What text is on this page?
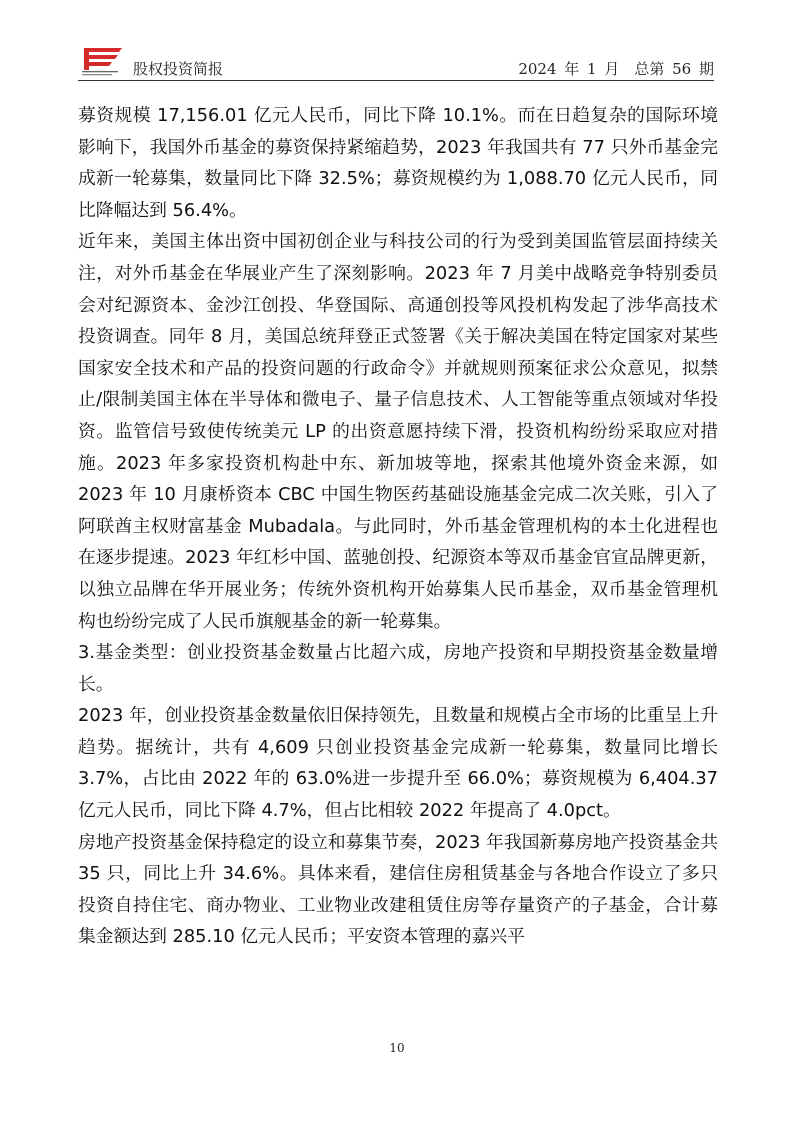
股权投资简报	2024 年 1 月　总第 56 期

募资规模 17,156.01 亿元人民币，同比下降 10.1%。而在日趋复杂的国际环境影响下，我国外币基金的募资保持紧缩趋势，2023 年我国共有 77 只外币基金完成新一轮募集，数量同比下降 32.5%；募资规模约为 1,088.70 亿元人民币，同比降幅达到 56.4%。

近年来，美国主体出资中国初创企业与科技公司的行为受到美国监管层面持续关注，对外币基金在华展业产生了深刻影响。2023 年 7 月美中战略竞争特别委员会对纪源资本、金沙江创投、华登国际、高通创投等风投机构发起了涉华高技术投资调查。同年 8 月，美国总统拜登正式签署《关于解决美国在特定国家对某些国家安全技术和产品的投资问题的行政命令》并就规则预案征求公众意见，拟禁止/限制美国主体在半导体和微电子、量子信息技术、人工智能等重点领域对华投资。监管信号致使传统美元 LP 的出资意愿持续下滑，投资机构纷纷采取应对措施。2023 年多家投资机构赴中东、新加坡等地，探索其他境外资金来源，如 2023 年 10 月康桥资本 CBC 中国生物医药基础设施基金完成二次关账，引入了阿联酋主权财富基金 Mubadala。与此同时，外币基金管理机构的本土化进程也在逐步提速。2023 年红杉中国、蓝驰创投、纪源资本等双币基金官宣品牌更新，以独立品牌在华开展业务；传统外资机构开始募集人民币基金，双币基金管理机构也纷纷完成了人民币旗舰基金的新一轮募集。

3.基金类型：创业投资基金数量占比超六成，房地产投资和早期投资基金数量增长。

2023 年，创业投资基金数量依旧保持领先，且数量和规模占全市场的比重呈上升趋势。据统计，共有 4,609 只创业投资基金完成新一轮募集，数量同比增长 3.7%，占比由 2022 年的 63.0%进一步提升至 66.0%；募资规模为 6,404.37 亿元人民币，同比下降 4.7%，但占比相较 2022 年提高了 4.0pct。

房地产投资基金保持稳定的设立和募集节奏，2023 年我国新募房地产投资基金共 35 只，同比上升 34.6%。具体来看，建信住房租赁基金与各地合作设立了多只投资自持住宅、商办物业、工业物业改建租赁住房等存量资产的子基金，合计募集金额达到 285.10 亿元人民币；平安资本管理的嘉兴平

10
